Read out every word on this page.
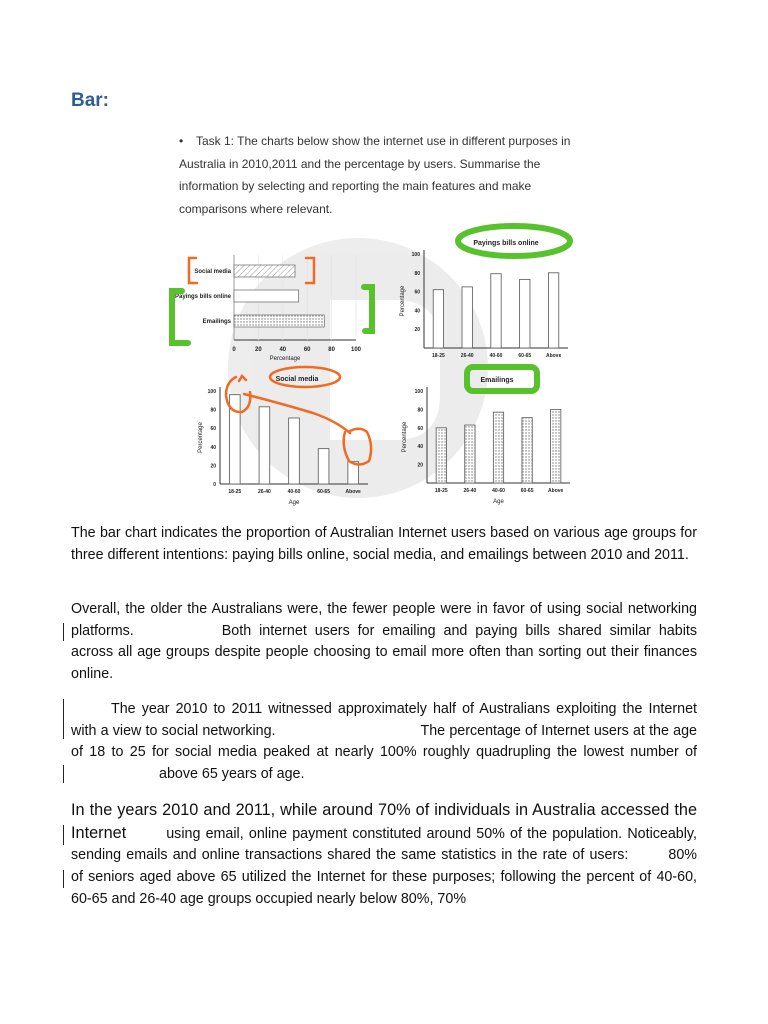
Bar:
•	Task 1: The charts below show the internet use in different purposes in Australia in 2010,2011 and the percentage by users. Summarise the information by selecting and reporting the main features and make comparisons where relevant.
0	20	40	60	80	100
Social media
Payings bills online
Emailings
Percentage
100
80
60
40
20
18-25	26-40	40-60	60-65	Above
Percentage
Payings bills online
100
80
60
40
20
0
18-25	26-40	40-60	60-65	Above
Percentage
Age
Social media
100
80
60
40
20
18-25	26-40	40-60	60-65	Above
Percentage
Age
Emailings
The bar chart indicates the proportion of Australian Internet users based on various age groups for three different intentions: paying bills online, social media, and emailings between 2010 and 2011.
Overall, the older the Australians were, the fewer people were in favor of using social networking platforms.	Both internet users for emailing and paying bills shared similar habits across all age groups despite people choosing to email more often than sorting out their finances online.
The year 2010 to 2011 witnessed approximately half of Australians exploiting the Internet with a view to social networking.	The percentage of Internet users at the age of 18 to 25 for social media peaked at nearly 100% roughly quadrupling the lowest number ofabove 65 years of age.
In the years 2010 and 2011, while around 70% of individuals in Australia accessed the Internet	using email, online payment constituted around 50% of the population. Noticeably, sending emails and online transactions shared the same statistics in the rate of users:	80% of seniors aged above 65 utilized the Internet for these purposes; following the percent of 40-60, 60-65 and 26-40 age groups occupied nearly below 80%, 70%
